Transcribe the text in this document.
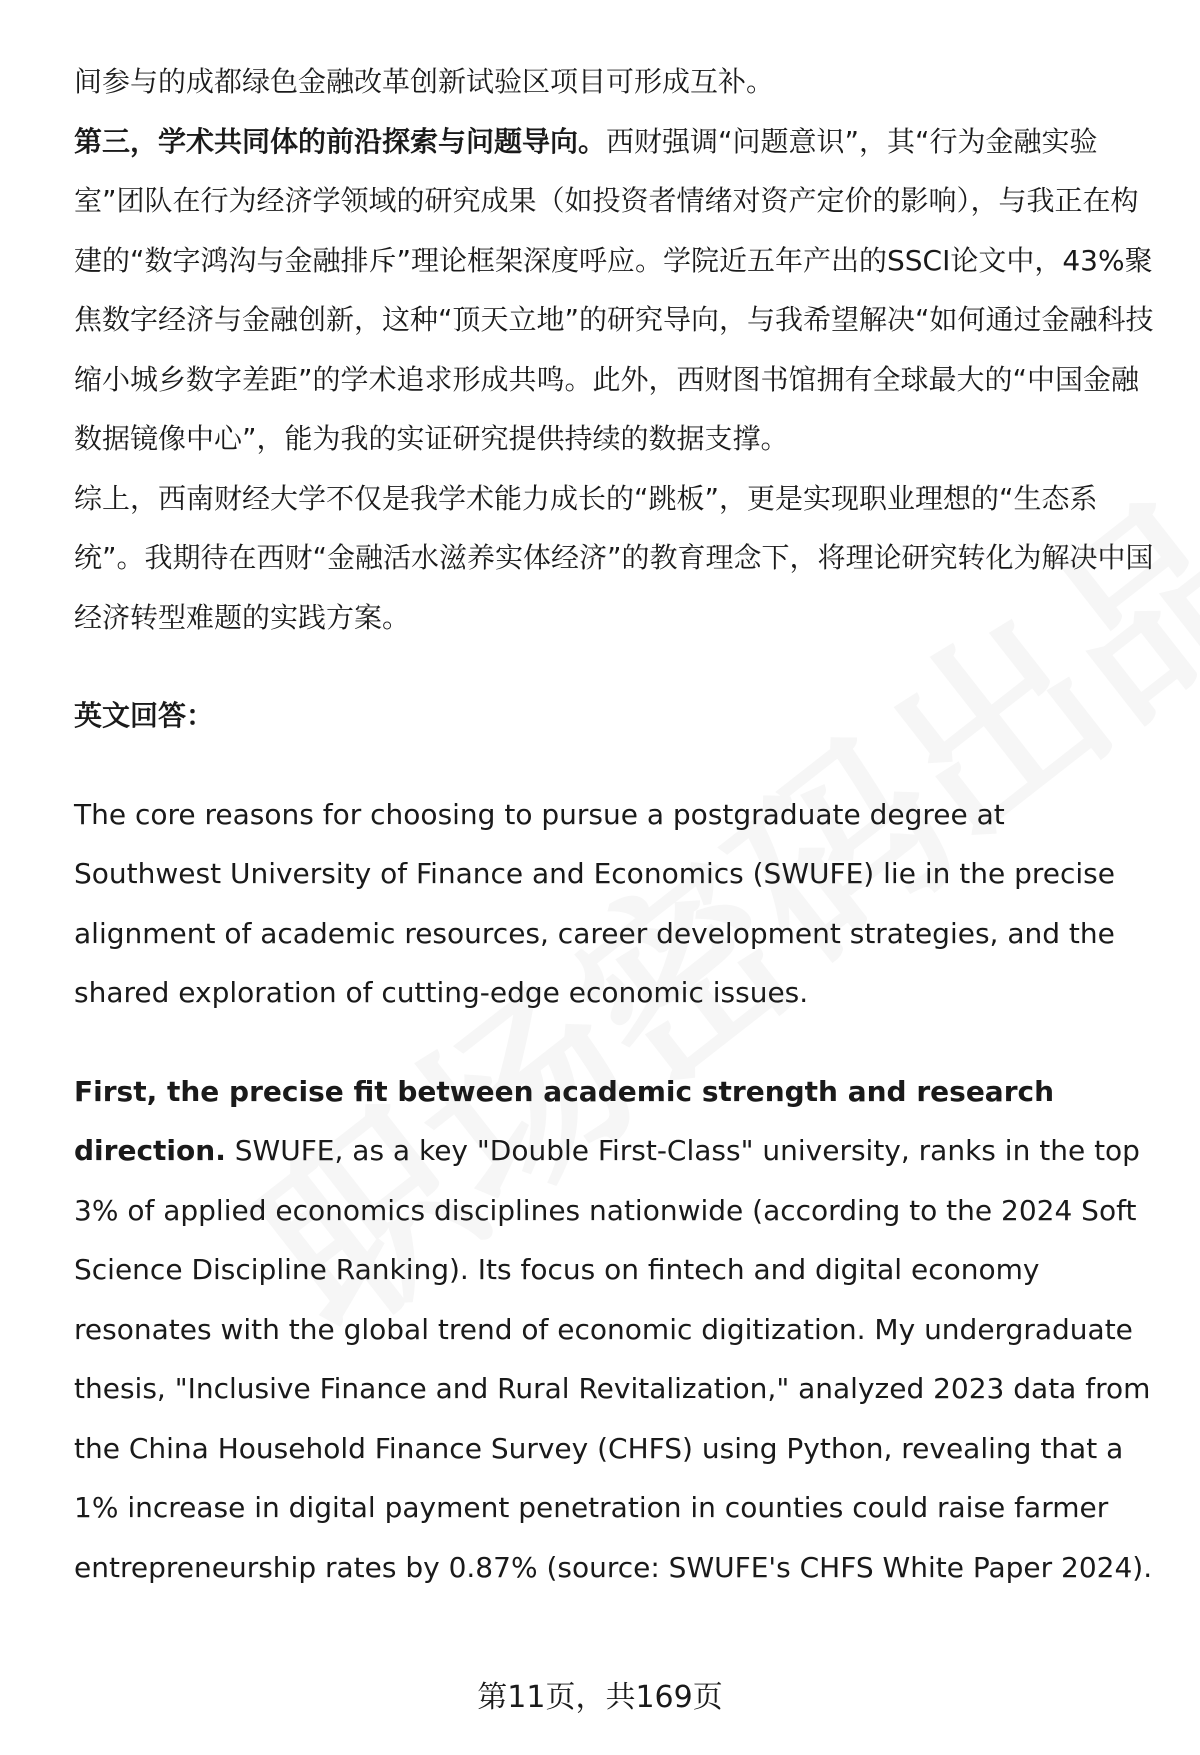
间参与的成都绿色金融改革创新试验区项目可形成互补。

第三，学术共同体的前沿探索与问题导向。西财强调“问题意识”，其“行为金融实验室”团队在行为经济学领域的研究成果（如投资者情绪对资产定价的影响），与我正在构建的“数字鸿沟与金融排斥”理论框架深度呼应。学院近五年产出的SSCI论文中，43%聚焦数字经济与金融创新，这种“顶天立地”的研究导向，与我希望解决“如何通过金融科技缩小城乡数字差距”的学术追求形成共鸣。此外，西财图书馆拥有全球最大的“中国金融数据镜像中心”，能为我的实证研究提供持续的数据支撑。

综上，西南财经大学不仅是我学术能力成长的“跳板”，更是实现职业理想的“生态系统”。我期待在西财“金融活水滋养实体经济”的教育理念下，将理论研究转化为解决中国经济转型难题的实践方案。

英文回答：

The core reasons for choosing to pursue a postgraduate degree at Southwest University of Finance and Economics (SWUFE) lie in the precise alignment of academic resources, career development strategies, and the shared exploration of cutting-edge economic issues.

First, the precise fit between academic strength and research direction. SWUFE, as a key "Double First-Class" university, ranks in the top 3% of applied economics disciplines nationwide (according to the 2024 Soft Science Discipline Ranking). Its focus on fintech and digital economy resonates with the global trend of economic digitization. My undergraduate thesis, "Inclusive Finance and Rural Revitalization," analyzed 2023 data from the China Household Finance Survey (CHFS) using Python, revealing that a 1% increase in digital payment penetration in counties could raise farmer entrepreneurship rates by 0.87% (source: SWUFE's CHFS White Paper 2024).

第11页，共169页
